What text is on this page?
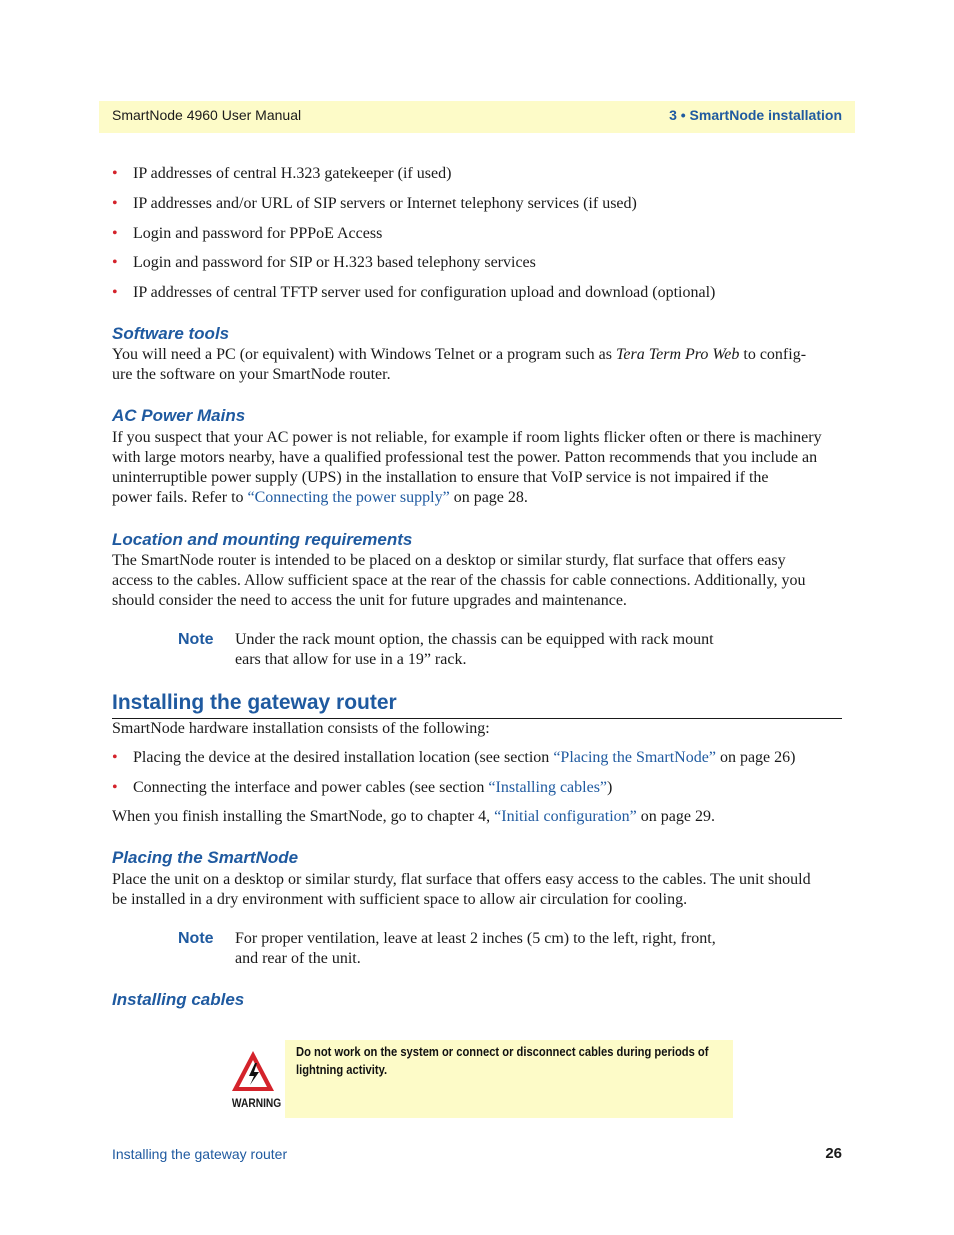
SmartNode 4960 User Manual	3 • SmartNode installation
• IP addresses of central H.323 gatekeeper (if used)
• IP addresses and/or URL of SIP servers or Internet telephony services (if used)
• Login and password for PPPoE Access
• Login and password for SIP or H.323 based telephony services
• IP addresses of central TFTP server used for configuration upload and download (optional)
Software tools
You will need a PC (or equivalent) with Windows Telnet or a program such as Tera Term Pro Web to config-
ure the software on your SmartNode router.
AC Power Mains
If you suspect that your AC power is not reliable, for example if room lights flicker often or there is machinery
with large motors nearby, have a qualified professional test the power. Patton recommends that you include an
uninterruptible power supply (UPS) in the installation to ensure that VoIP service is not impaired if the
power fails. Refer to “Connecting the power supply” on page 28.
Location and mounting requirements
The SmartNode router is intended to be placed on a desktop or similar sturdy, flat surface that offers easy
access to the cables. Allow sufficient space at the rear of the chassis for cable connections. Additionally, you
should consider the need to access the unit for future upgrades and maintenance.
Note Under the rack mount option, the chassis can be equipped with rack mount
ears that allow for use in a 19” rack.
Installing the gateway router
SmartNode hardware installation consists of the following:
• Placing the device at the desired installation location (see section “Placing the SmartNode” on page 26)
• Connecting the interface and power cables (see section “Installing cables”)
When you finish installing the SmartNode, go to chapter 4, “Initial configuration” on page 29.
Placing the SmartNode
Place the unit on a desktop or similar sturdy, flat surface that offers easy access to the cables. The unit should
be installed in a dry environment with sufficient space to allow air circulation for cooling.
Note For proper ventilation, leave at least 2 inches (5 cm) to the left, right, front,
and rear of the unit.
Installing cables
Do not work on the system or connect or disconnect cables during periods of
lightning activity.
WARNING
Installing the gateway router	26
